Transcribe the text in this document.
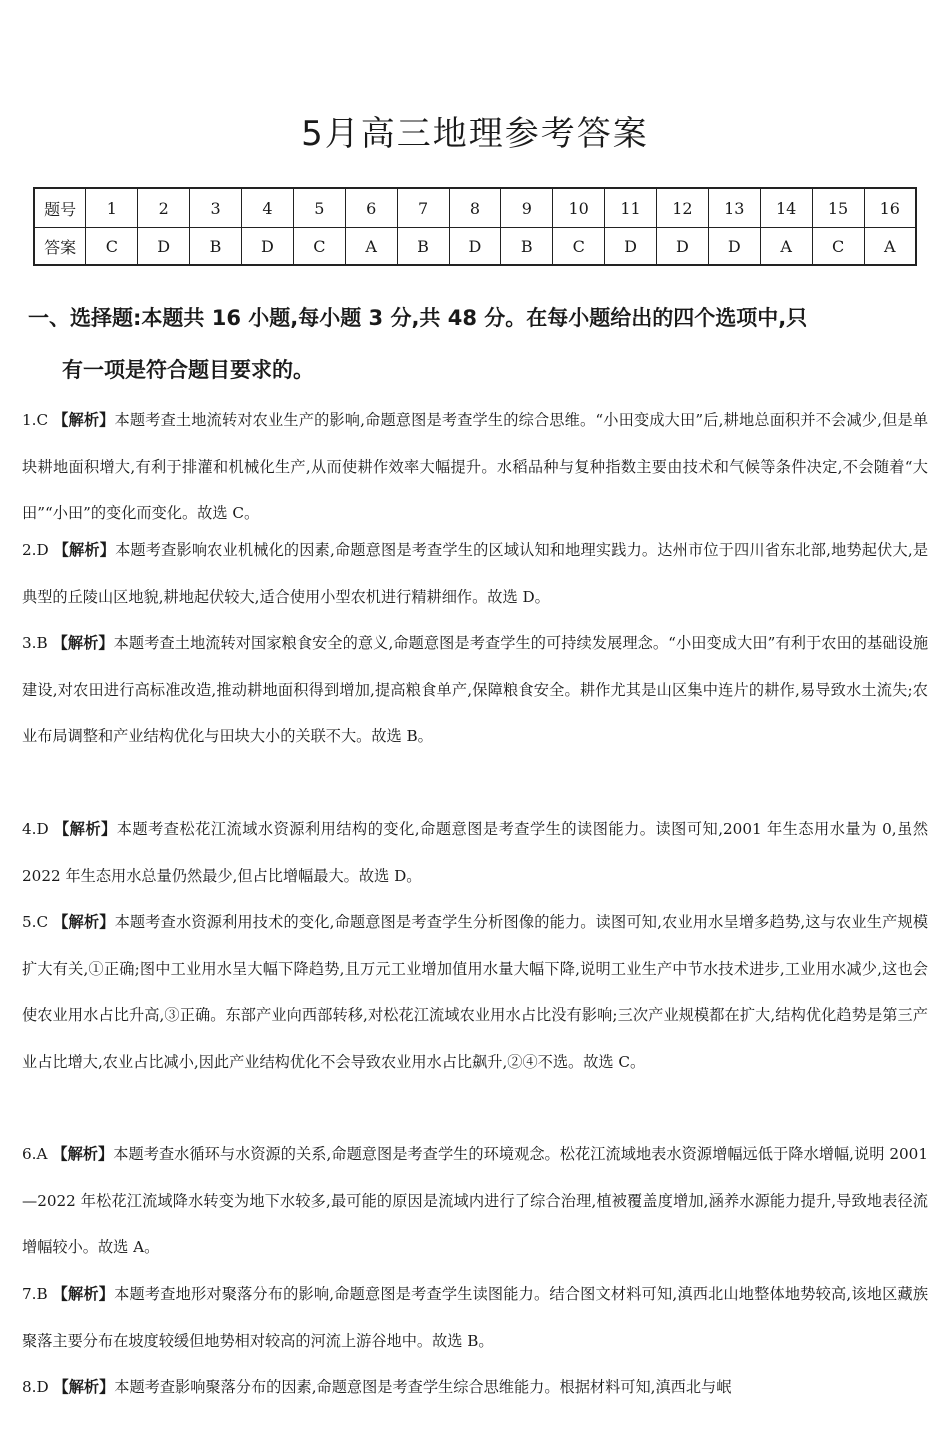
5月高三地理参考答案
题号	1	2	3	4	5	6	7	8	9	10	11	12	13	14	15	16
答案	C	D	B	D	C	A	B	D	B	C	D	D	D	A	C	A
一、选择题:本题共 16 小题,每小题 3 分,共 48 分。在每小题给出的四个选项中,只
有一项是符合题目要求的。
1.C 【解析】本题考查土地流转对农业生产的影响,命题意图是考查学生的综合思维。“小田变成大田”后,耕地总面积并不会减少,但是单块耕地面积增大,有利于排灌和机械化生产,从而使耕作效率大幅提升。水稻品种与复种指数主要由技术和气候等条件决定,不会随着“大田”“小田”的变化而变化。故选 C。
2.D 【解析】本题考查影响农业机械化的因素,命题意图是考查学生的区域认知和地理实践力。达州市位于四川省东北部,地势起伏大,是典型的丘陵山区地貌,耕地起伏较大,适合使用小型农机进行精耕细作。故选 D。
3.B 【解析】本题考查土地流转对国家粮食安全的意义,命题意图是考查学生的可持续发展理念。“小田变成大田”有利于农田的基础设施建设,对农田进行高标准改造,推动耕地面积得到增加,提高粮食单产,保障粮食安全。耕作尤其是山区集中连片的耕作,易导致水土流失;农业布局调整和产业结构优化与田块大小的关联不大。故选 B。
4.D 【解析】本题考查松花江流域水资源利用结构的变化,命题意图是考查学生的读图能力。读图可知,2001 年生态用水量为 0,虽然 2022 年生态用水总量仍然最少,但占比增幅最大。故选 D。
5.C 【解析】本题考查水资源利用技术的变化,命题意图是考查学生分析图像的能力。读图可知,农业用水呈增多趋势,这与农业生产规模扩大有关,①正确;图中工业用水呈大幅下降趋势,且万元工业增加值用水量大幅下降,说明工业生产中节水技术进步,工业用水减少,这也会使农业用水占比升高,③正确。东部产业向西部转移,对松花江流域农业用水占比没有影响;三次产业规模都在扩大,结构优化趋势是第三产业占比增大,农业占比减小,因此产业结构优化不会导致农业用水占比飙升,②④不选。故选 C。
6.A 【解析】本题考查水循环与水资源的关系,命题意图是考查学生的环境观念。松花江流域地表水资源增幅远低于降水增幅,说明 2001—2022 年松花江流域降水转变为地下水较多,最可能的原因是流域内进行了综合治理,植被覆盖度增加,涵养水源能力提升,导致地表径流增幅较小。故选 A。
7.B 【解析】本题考查地形对聚落分布的影响,命题意图是考查学生读图能力。结合图文材料可知,滇西北山地整体地势较高,该地区藏族聚落主要分布在坡度较缓但地势相对较高的河流上游谷地中。故选 B。
8.D 【解析】本题考查影响聚落分布的因素,命题意图是考查学生综合思维能力。根据材料可知,滇西北与岷
